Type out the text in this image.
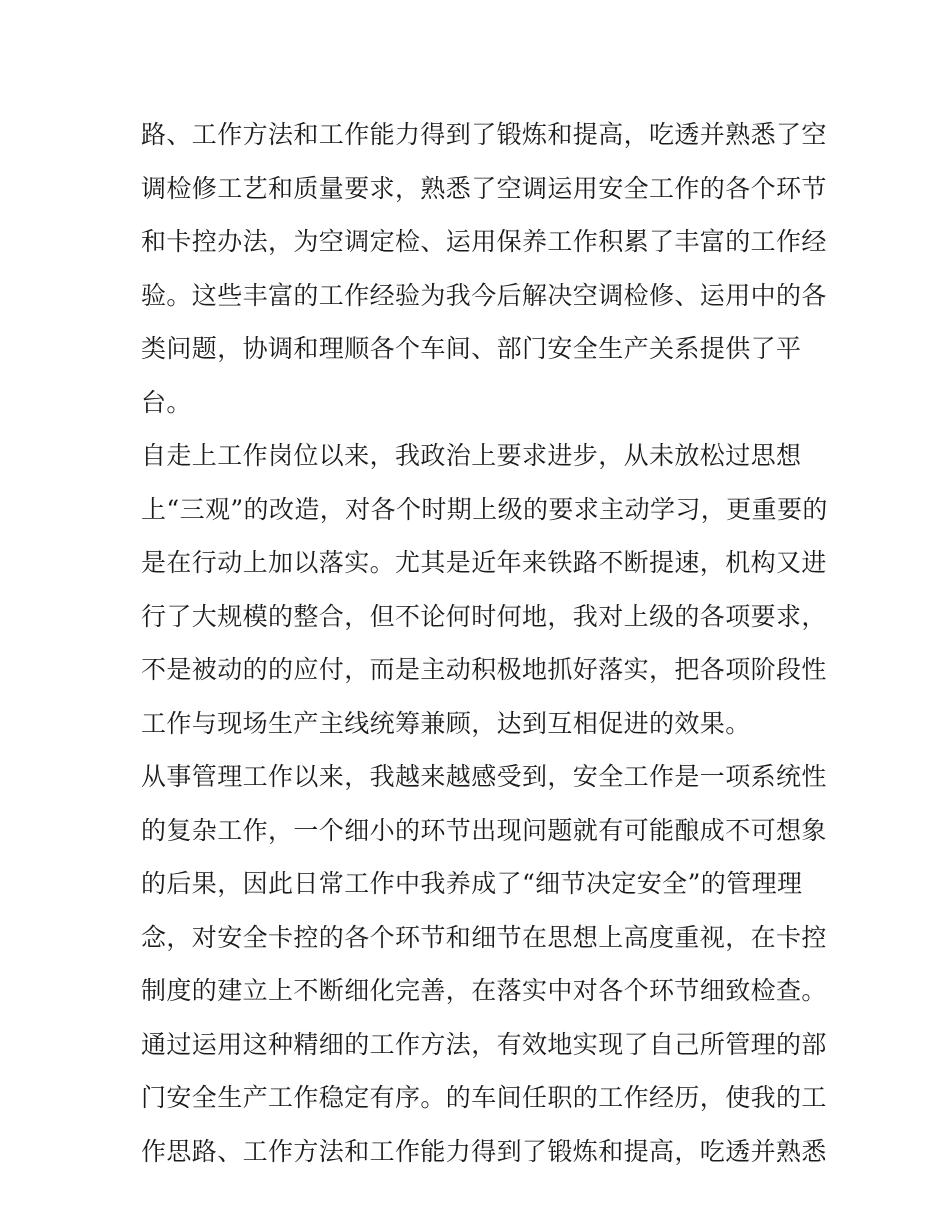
路、工作方法和工作能力得到了锻炼和提高，吃透并熟悉了空
调检修工艺和质量要求，熟悉了空调运用安全工作的各个环节
和卡控办法，为空调定检、运用保养工作积累了丰富的工作经
验。这些丰富的工作经验为我今后解决空调检修、运用中的各
类问题，协调和理顺各个车间、部门安全生产关系提供了平
台。
自走上工作岗位以来，我政治上要求进步，从未放松过思想
上“三观”的改造，对各个时期上级的要求主动学习，更重要的
是在行动上加以落实。尤其是近年来铁路不断提速，机构又进
行了大规模的整合，但不论何时何地，我对上级的各项要求，
不是被动的的应付，而是主动积极地抓好落实，把各项阶段性
工作与现场生产主线统筹兼顾，达到互相促进的效果。
从事管理工作以来，我越来越感受到，安全工作是一项系统性
的复杂工作，一个细小的环节出现问题就有可能酿成不可想象
的后果，因此日常工作中我养成了“细节决定安全”的管理理
念，对安全卡控的各个环节和细节在思想上高度重视，在卡控
制度的建立上不断细化完善，在落实中对各个环节细致检查。
通过运用这种精细的工作方法，有效地实现了自己所管理的部
门安全生产工作稳定有序。的车间任职的工作经历，使我的工
作思路、工作方法和工作能力得到了锻炼和提高，吃透并熟悉
